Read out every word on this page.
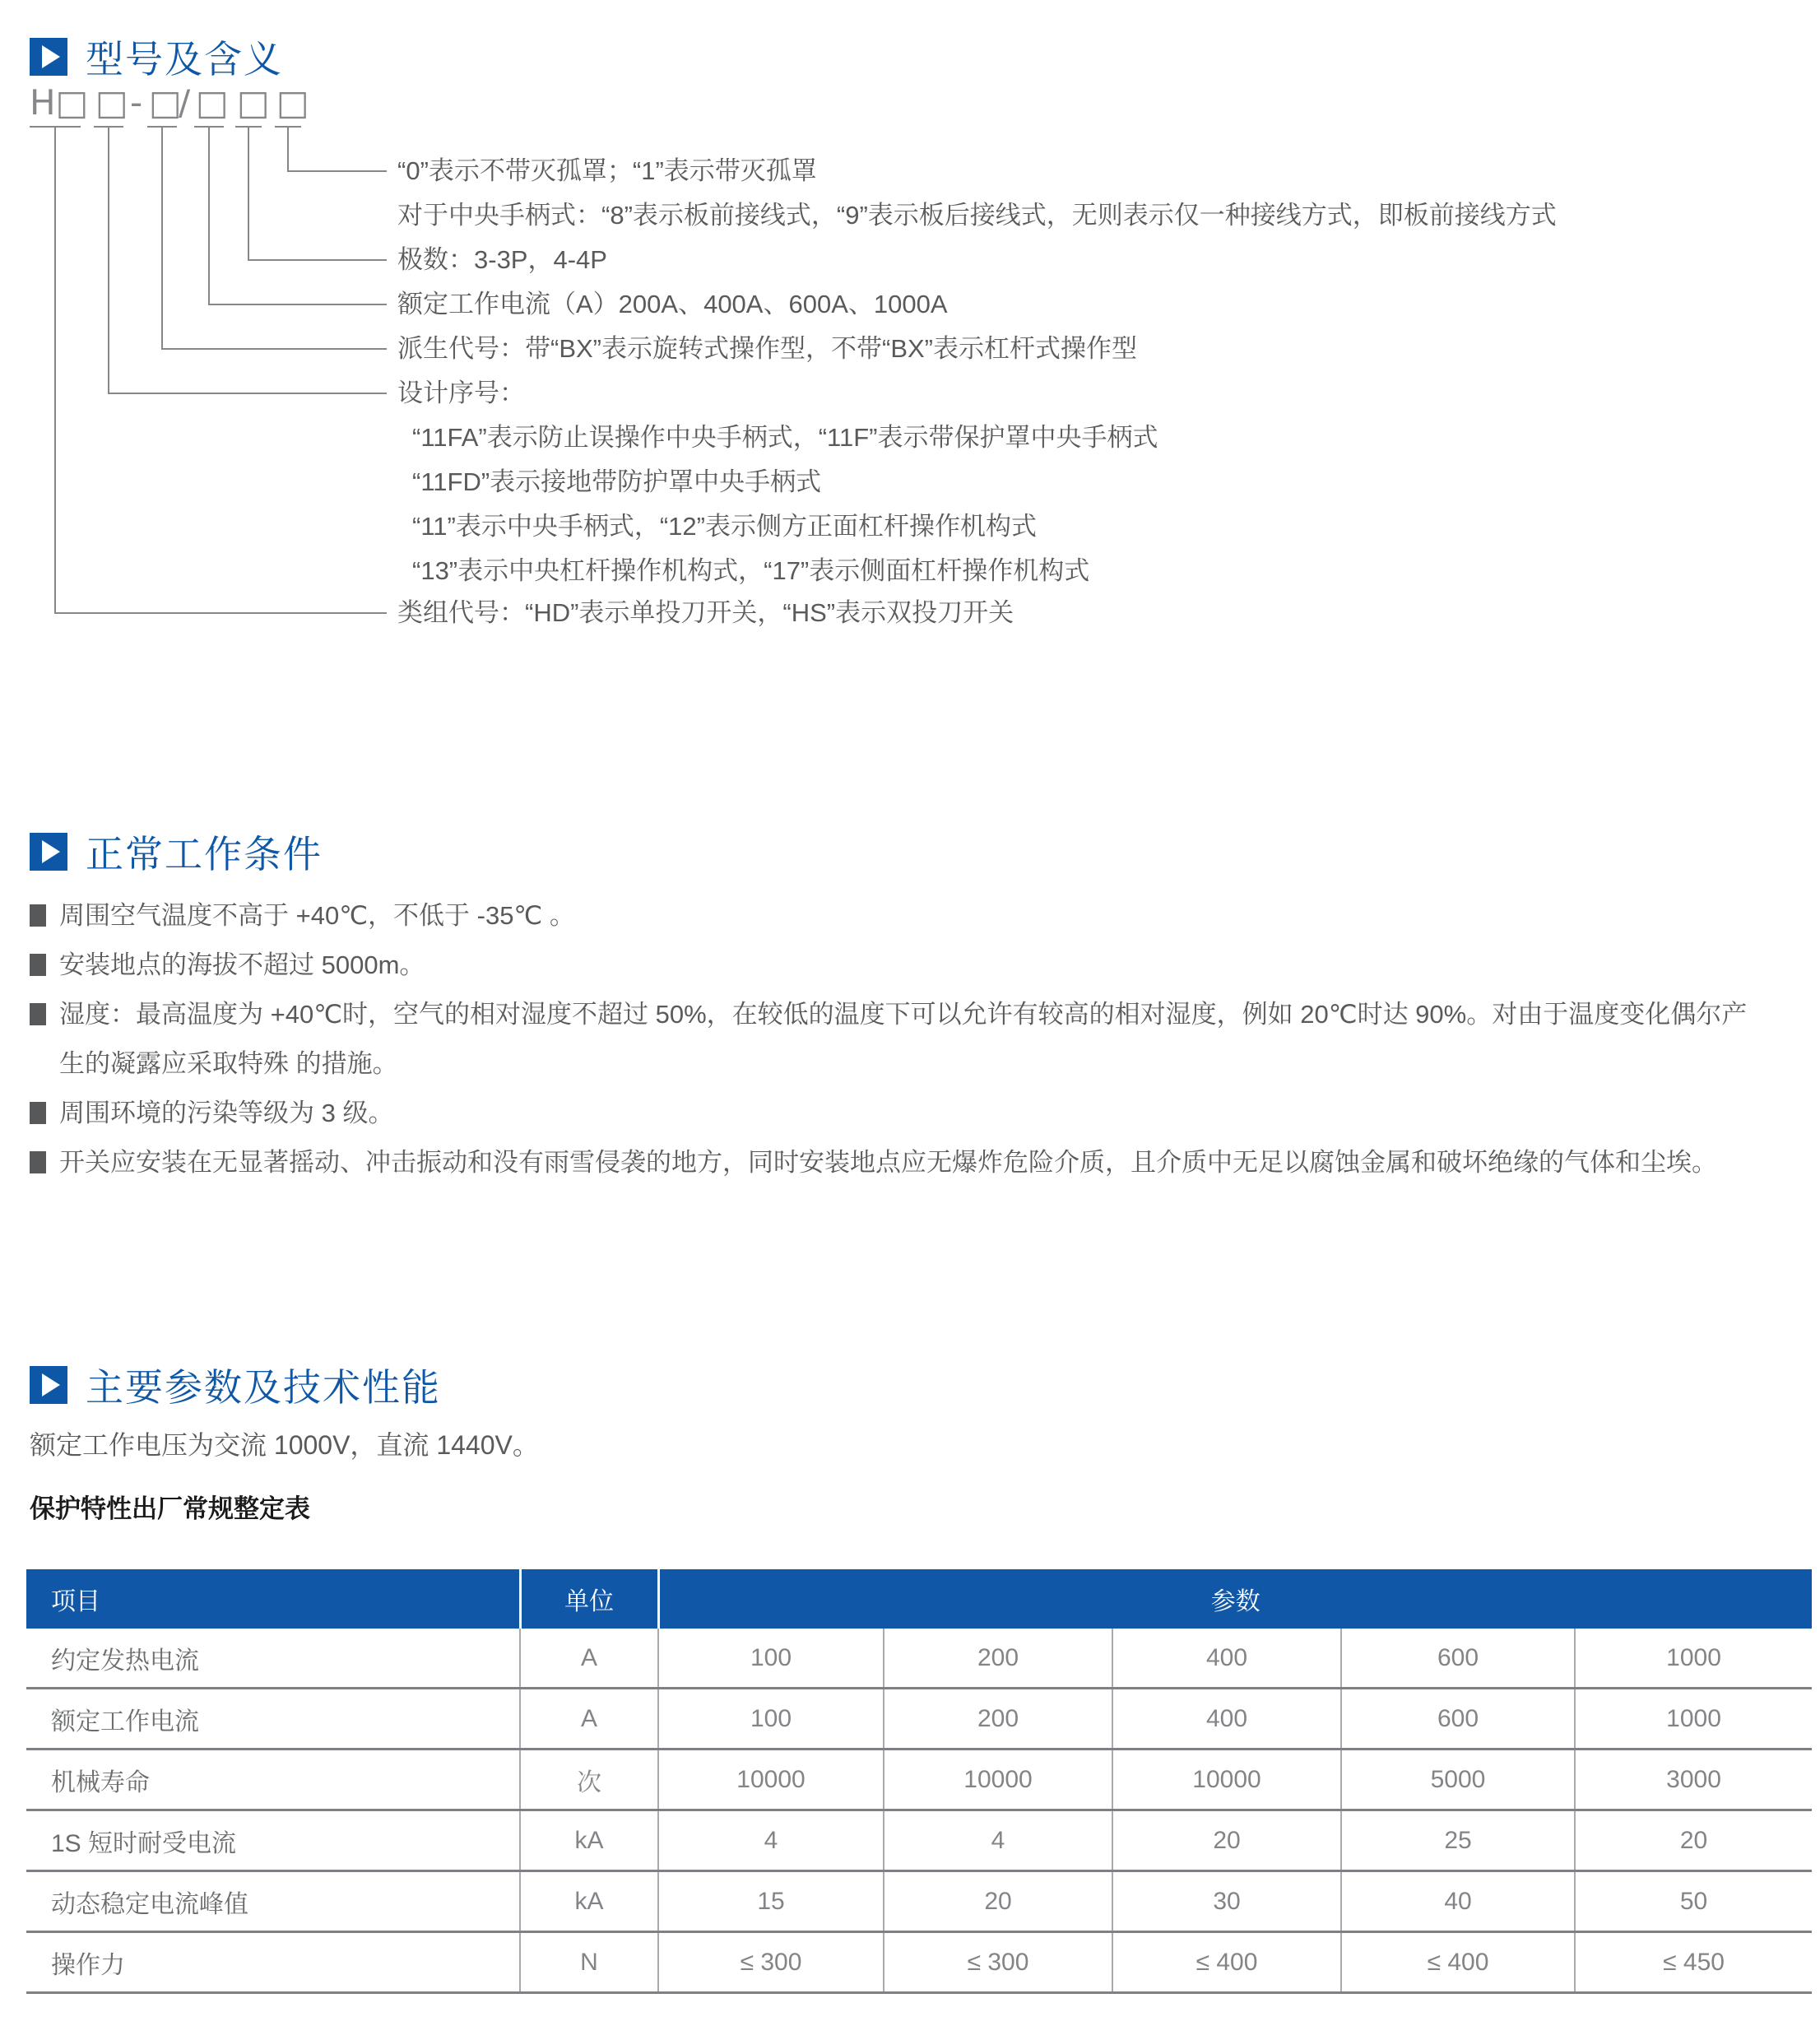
型号及含义
H□ □ - □
/ □ □ □
“0”表示不带灭孤罩；“1”表示带灭孤罩
对于中央手柄式：“8”表示板前接线式，“9”表示板后接线式，无则表示仅一种接线方式，即板前接线方式
极数：3-3P，4-4P
额定工作电流（A）200A、400A、600A、1000A
派生代号：带“BX”表示旋转式操作型，不带“BX”表示杠杆式操作型
设计序号：
“11FA”表示防止误操作中央手柄式，“11F”表示带保护罩中央手柄式
“11FD”表示接地带防护罩中央手柄式
“11”表示中央手柄式，“12”表示侧方正面杠杆操作机构式
“13”表示中央杠杆操作机构式，“17”表示侧面杠杆操作机构式
类组代号：“HD”表示单投刀开关，“HS”表示双投刀开关
正常工作条件
周围空气温度不高于 +40℃，不低于 -35℃ 。
安装地点的海拔不超过 5000m。
湿度：最高温度为 +40℃时，空气的相对湿度不超过 50%，在较低的温度下可以允许有较高的相对湿度，例如 20℃时达 90%。对由于温度变化偶尔产
生的凝露应采取特殊 的措施。
周围环境的污染等级为 3 级。
开关应安装在无显著摇动、冲击振动和没有雨雪侵袭的地方，同时安装地点应无爆炸危险介质，且介质中无足以腐蚀金属和破坏绝缘的气体和尘埃。
主要参数及技术性能
额定工作电压为交流 1000V，直流 1440V。
保护特性出厂常规整定表
项目	单位	参数				
约定发热电流	A	100	200	400	600	1000
额定工作电流	A	100	200	400	600	1000
机械寿命	次	10000	10000	10000	5000	3000
1S 短时耐受电流	kA	4	4	20	25	20
动态稳定电流峰值	kA	15	20	30	40	50
操作力	N	≤ 300	≤ 300	≤ 400	≤ 400	≤ 450
